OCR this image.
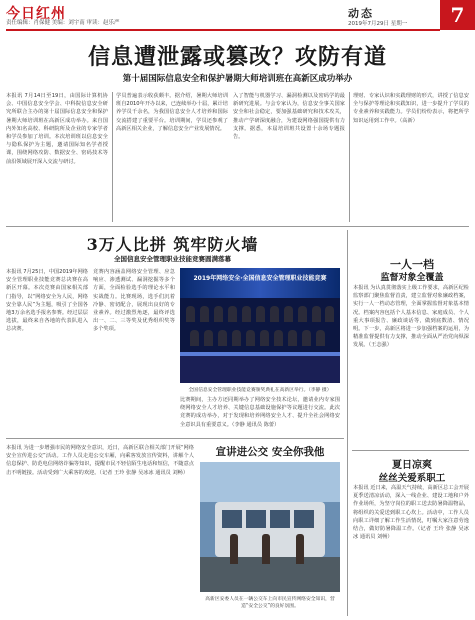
今日红州
责任编辑：肖保健 美编：刘宇南 审读：赵乐严
动态
2019年7月29日 星期一	7
信息遭泄露或篡改？攻防有道
第十届国际信息安全和保护暑期大师培训班在高新区成功举办
本报讯 7月14日至19日，由国际计算机协会、中国信息安全学会、中科院信息安全研究所联合主办的第十届国际信息安全和保护暑期大师培训班在高新区成功举办。来自国内外知名高校、科研院所及企业的专家学者和学员参加了培训。本次培训班以信息安全与隐私保护为主题，邀请国际知名学者授课，围绕网络攻防、数据安全、密码技术等前沿领域展开深入交流与研讨。
学员普遍表示收获颇丰。据介绍，暑期大师培训班自2010年开办以来，已连续举办十届，累计培养学员千余名，为我国信息安全人才培养和国际交流搭建了重要平台。培训期间，学员还参观了高新区相关企业，了解信息安全产业发展情况。
入了智能与机器学习、漏洞检测以及密码学的最新研究进展。与会专家认为，信息安全事关国家安全和社会稳定，要加强基础研究和技术攻关，推动产学研深度融合，为建设网络强国提供有力支撑。据悉，本届培训班共设置十余场专题报告。
理财、专家认识和实践理财的形式，讲授了信息安全与保护等理论和实践知识，进一步提升了学员的专业素养和实践能力。学员们纷纷表示，将把所学知识运用到工作中。（高新）
3万人比拼 筑牢防火墙
全国信息安全管理职业技能竞赛圆满落幕
本报讯 7月25日，中国2019年网络安全管理职业技能竞赛总决赛在高新区开幕。本次竞赛由国家相关部门指导，以“网络安全为人民，网络安全靠人民”为主题，吸引了全国各地3万余名选手报名参赛。经过层层选拔，最终来自各地的代表队进入总决赛。
竞赛内容涵盖网络安全管理、应急响应、渗透测试、漏洞挖掘等多个方面，全面检验选手的理论水平和实战能力。比赛现场，选手们沉着冷静、密切配合，展现出良好的专业素养。经过激烈角逐，最终评选出一、二、三等奖及优秀组织奖等多个奖项。
2019年网络安全·全国信息安全管理职业技能竞赛
全国信息安全管理职业技能竞赛颁奖典礼在高新区举行。（李静 摄）
比赛期间，主办方还同期举办了网络安全技术论坛，邀请业内专家围绕网络安全人才培养、关键信息基础设施保护等议题进行交流。此次竞赛的成功举办，对于发现和培养网络安全人才、提升全社会网络安全意识具有重要意义。（李静 通讯员 陈蕾）
宣讲进公交 安全你我他
本报讯 为进一步增强市民的网络安全意识，近日，高新区联合相关部门开展“网络安全宣传进公交”活动。工作人员走进公交车厢，向乘客发放宣传资料，讲解个人信息保护、防范电信网络诈骗等知识，提醒市民不轻信陌生电话和短信，不随意点击不明链接。活动受到广大乘客的欢迎。（记者 王玲 张静 吴冰冰 通讯员 刘畅）
高新区安委人员在一辆公交车上向市民宣传网络安全知识，营造“安全公交”的良好氛围。
一人一档
监督对象全覆盖
本报讯 为认真贯彻落实上级工作要求，高新区纪检监察部门聚焦监督首责，建立监督对象廉政档案，实行一人一档动态管理，全面掌握监督对象基本情况。档案内容包括个人基本信息、家庭成员、个人重大事项报告、廉政谈话等，做到底数清、情况明。下一步，高新区将进一步加强档案的运用，为精准监督提供有力支撑，推动全面从严治党向纵深发展。（王志强）
夏日凉爽
丝丝关爱系职工
本报讯 近日来，高温天气持续，高新区总工会开展夏季送清凉活动，深入一线企业、建设工地和户外作业场所，为坚守岗位的职工送去防暑降温物品，将组织的关爱送到职工心坎上。活动中，工作人员向职工详细了解工作生活情况，叮嘱大家注意劳逸结合，做好防暑降温工作。（记者 王玲 张静 吴冰冰 通讯员 刘畅）
